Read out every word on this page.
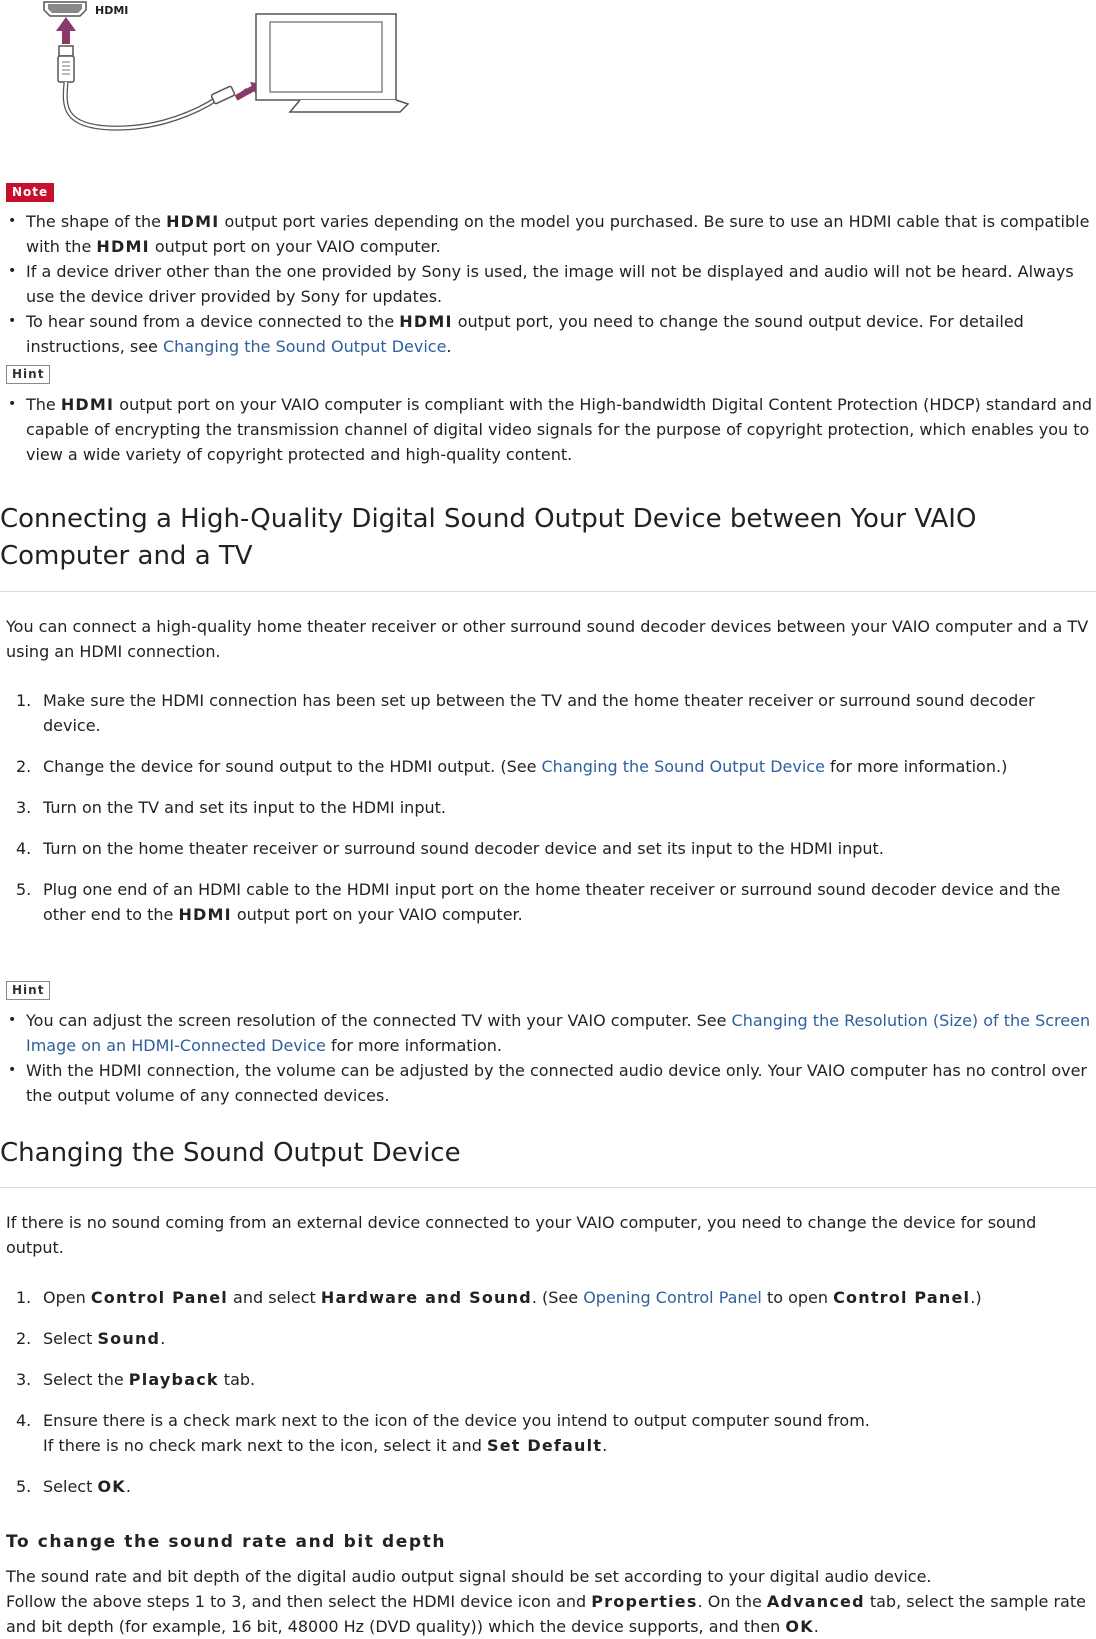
HDMI
Note
• The shape of the HDMI output port varies depending on the model you purchased. Be sure to use an HDMI cable that is compatible with the HDMI output port on your VAIO computer.
• If a device driver other than the one provided by Sony is used, the image will not be displayed and audio will not be heard. Always use the device driver provided by Sony for updates.
• To hear sound from a device connected to the HDMI output port, you need to change the sound output device. For detailed instructions, see Changing the Sound Output Device.
Hint
• The HDMI output port on your VAIO computer is compliant with the High-bandwidth Digital Content Protection (HDCP) standard and capable of encrypting the transmission channel of digital video signals for the purpose of copyright protection, which enables you to view a wide variety of copyright protected and high-quality content.
Connecting a High-Quality Digital Sound Output Device between Your VAIO Computer and a TV

You can connect a high-quality home theater receiver or other surround sound decoder devices between your VAIO computer and a TV using an HDMI connection.

1. Make sure the HDMI connection has been set up between the TV and the home theater receiver or surround sound decoder device.
2. Change the device for sound output to the HDMI output. (See Changing the Sound Output Device for more information.)
3. Turn on the TV and set its input to the HDMI input.
4. Turn on the home theater receiver or surround sound decoder device and set its input to the HDMI input.
5. Plug one end of an HDMI cable to the HDMI input port on the home theater receiver or surround sound decoder device and the other end to the HDMI output port on your VAIO computer.
Hint
• You can adjust the screen resolution of the connected TV with your VAIO computer. See Changing the Resolution (Size) of the Screen Image on an HDMI-Connected Device for more information.
• With the HDMI connection, the volume can be adjusted by the connected audio device only. Your VAIO computer has no control over the output volume of any connected devices.
Changing the Sound Output Device

If there is no sound coming from an external device connected to your VAIO computer, you need to change the device for sound output.

1. Open Control Panel and select Hardware and Sound. (See Opening Control Panel to open Control Panel.)
2. Select Sound.
3. Select the Playback tab.
4. Ensure there is a check mark next to the icon of the device you intend to output computer sound from.
If there is no check mark next to the icon, select it and Set Default.
5. Select OK.
To change the sound rate and bit depth

The sound rate and bit depth of the digital audio output signal should be set according to your digital audio device.
Follow the above steps 1 to 3, and then select the HDMI device icon and Properties. On the Advanced tab, select the sample rate and bit depth (for example, 16 bit, 48000 Hz (DVD quality)) which the device supports, and then OK.
